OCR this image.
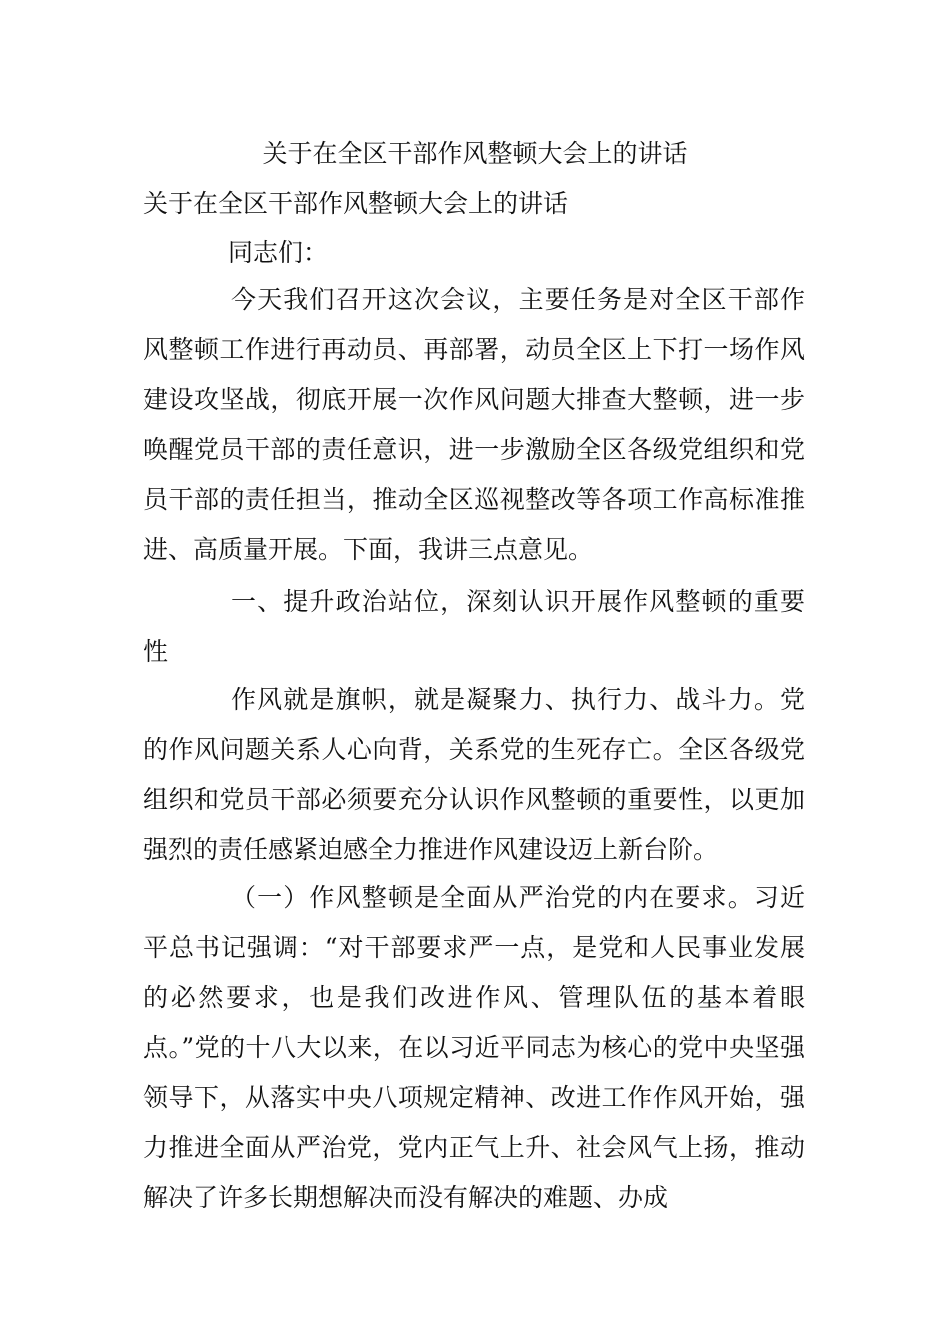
关于在全区干部作风整顿大会上的讲话
关于在全区干部作风整顿大会上的讲话
同志们：
今天我们召开这次会议，主要任务是对全区干部作风整顿工作进行再动员、再部署，动员全区上下打一场作风建设攻坚战，彻底开展一次作风问题大排查大整顿，进一步唤醒党员干部的责任意识，进一步激励全区各级党组织和党员干部的责任担当，推动全区巡视整改等各项工作高标准推进、高质量开展。下面，我讲三点意见。
一、提升政治站位，深刻认识开展作风整顿的重要性
作风就是旗帜，就是凝聚力、执行力、战斗力。党的作风问题关系人心向背，关系党的生死存亡。全区各级党组织和党员干部必须要充分认识作风整顿的重要性，以更加强烈的责任感紧迫感全力推进作风建设迈上新台阶。
（一）作风整顿是全面从严治党的内在要求。习近平总书记强调：“对干部要求严一点，是党和人民事业发展的必然要求，也是我们改进作风、管理队伍的基本着眼点。”党的十八大以来，在以习近平同志为核心的党中央坚强领导下，从落实中央八项规定精神、改进工作作风开始，强力推进全面从严治党，党内正气上升、社会风气上扬，推动解决了许多长期想解决而没有解决的难题、办成
